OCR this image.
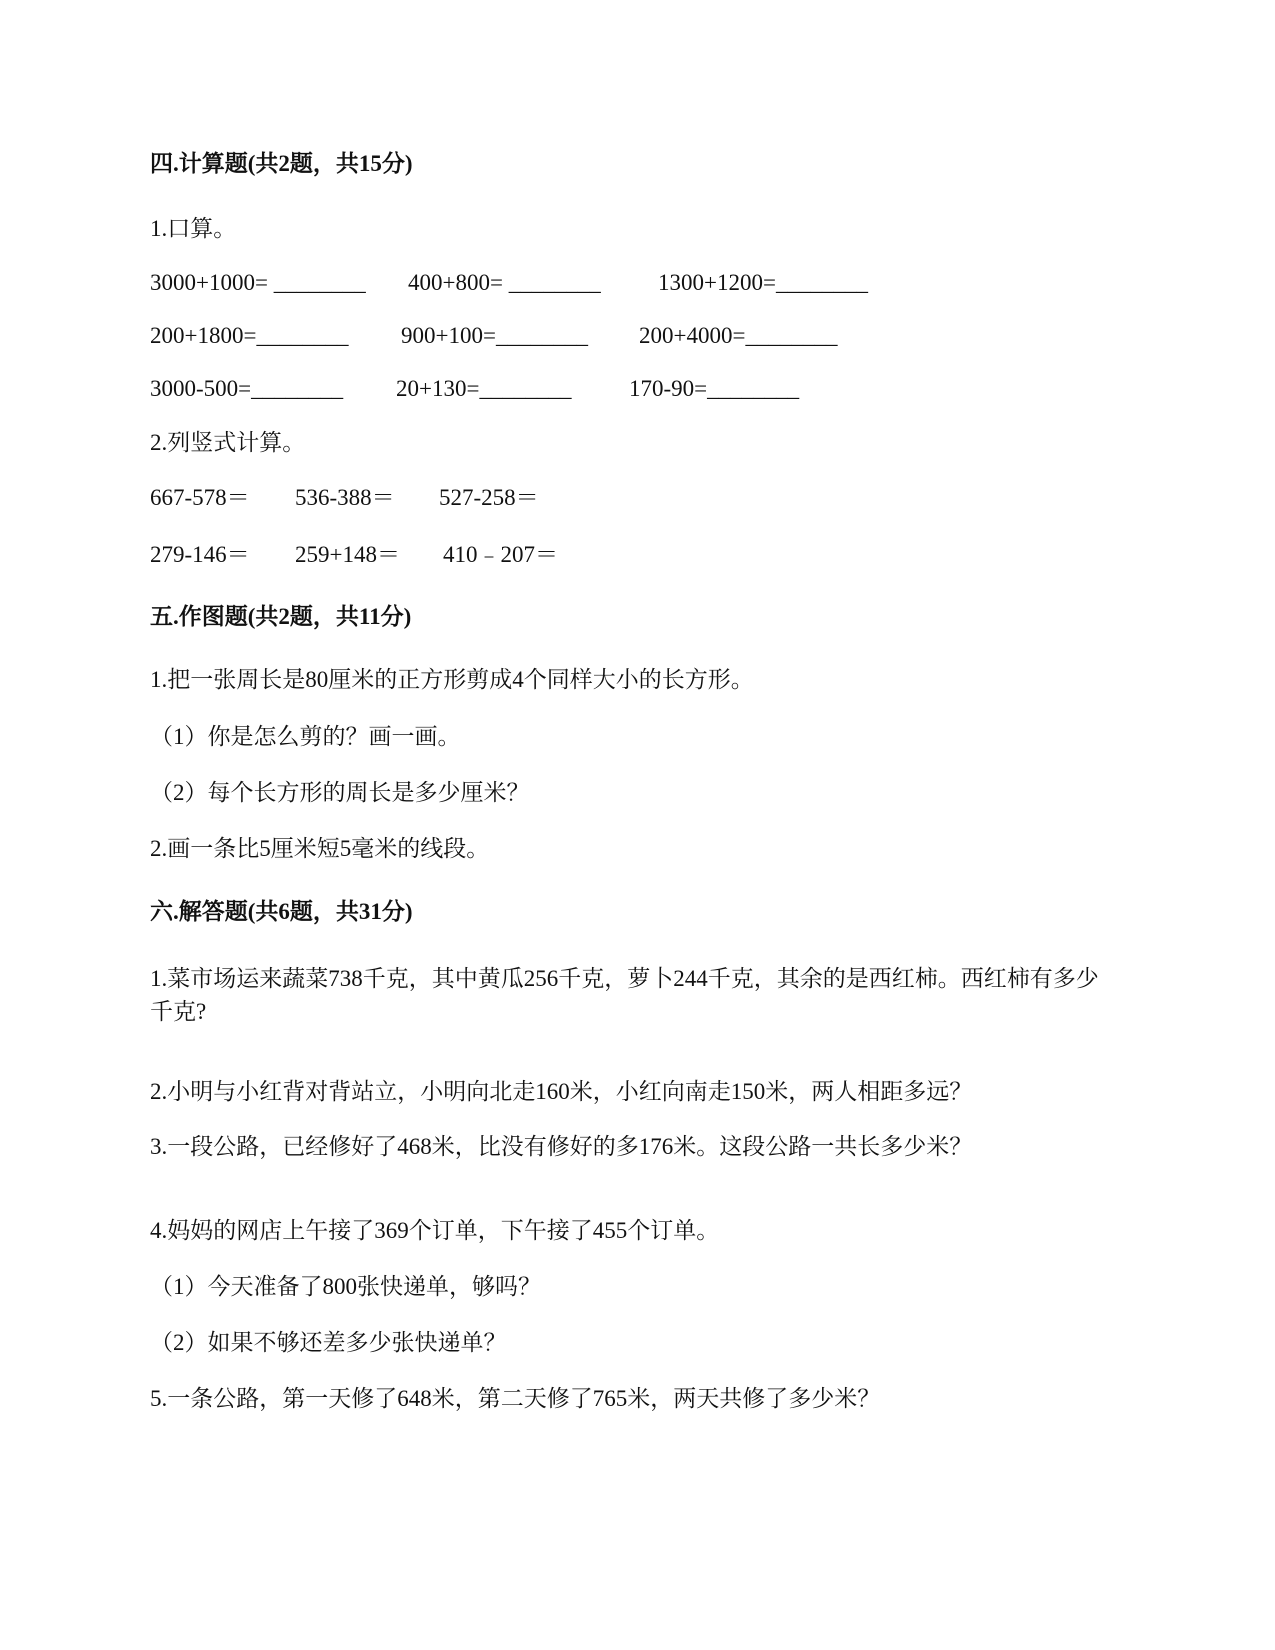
四.计算题(共2题，共15分)
1.口算。
3000+1000= ________ 400+800= ________ 1300+1200=________
200+1800=________ 900+100=________ 200+4000=________
3000-500=________ 20+130=________	170-90=________
2.列竖式计算。
667-578＝ 536-388＝ 527-258＝
279-146＝ 259+148＝ 410﹣207＝
五.作图题(共2题，共11分)
1.把一张周长是80厘米的正方形剪成4个同样大小的长方形。
（1）你是怎么剪的？画一画。
（2）每个长方形的周长是多少厘米？
2.画一条比5厘米短5毫米的线段。
六.解答题(共6题，共31分)
1.菜市场运来蔬菜738千克，其中黄瓜256千克，萝卜244千克，其余的是西红柿。西红柿有多少千克?
2.小明与小红背对背站立，小明向北走160米，小红向南走150米，两人相距多远？
3.一段公路，已经修好了468米，比没有修好的多176米。这段公路一共长多少米？
4.妈妈的网店上午接了369个订单，下午接了455个订单。
（1）今天准备了800张快递单，够吗？
（2）如果不够还差多少张快递单？
5.一条公路，第一天修了648米，第二天修了765米，两天共修了多少米？
